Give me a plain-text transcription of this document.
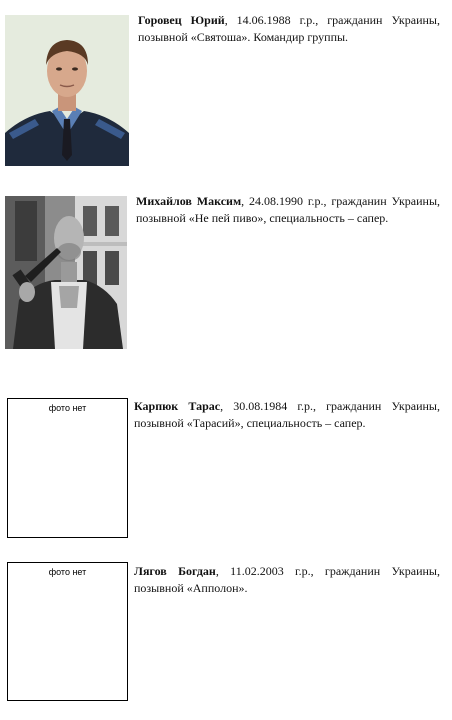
Горовец Юрий, 14.06.1988 г.р., гражданин Украины, позывной «Святоша». Командир группы.
Михайлов Максим, 24.08.1990 г.р., гражданин Украины, позывной «Не пей пиво», специальность – сапер.
фото нет	Карпюк Тарас, 30.08.1984 г.р., гражданин Украины, позывной «Тарасий», специальность – сапер.
фото нет	Лягов Богдан, 11.02.2003 г.р., гражданин Украины, позывной «Апполон».
